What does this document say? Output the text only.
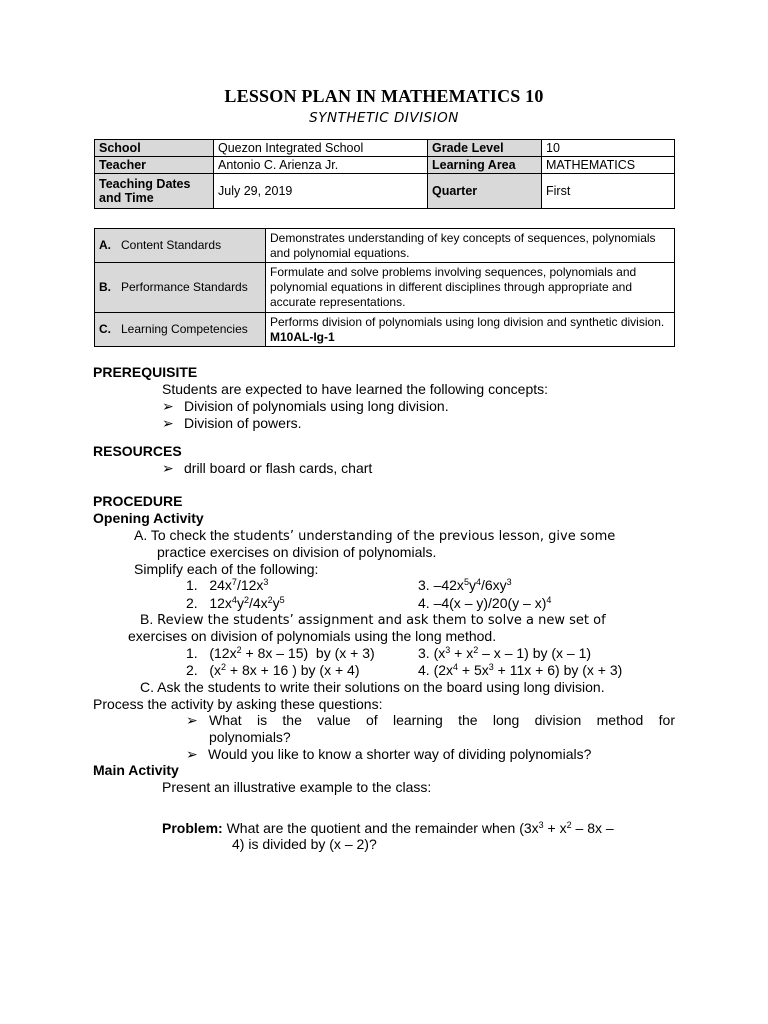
LESSON PLAN IN MATHEMATICS 10
SYNTHETIC DIVISION
School	Quezon Integrated School	Grade Level	10
Teacher	Antonio C. Arienza Jr.	Learning Area	MATHEMATICS
Teaching Dates
and Time	July 29, 2019	Quarter	First
A. Content Standards	Demonstrates understanding of key concepts of sequences, polynomials and polynomial equations.
B. Performance Standards	Formulate and solve problems involving sequences, polynomials and polynomial equations in different disciplines through appropriate and accurate representations.
C. Learning Competencies	Performs division of polynomials using long division and synthetic division. M10AL-Ig-1
PREREQUISITE
Students are expected to have learned the following concepts:
➢ Division of polynomials using long division.
➢ Division of powers.
RESOURCES
➢ drill board or flash cards, chart
PROCEDURE
Opening Activity
A. To check the students’ understanding of the previous lesson, give some
practice exercises on division of polynomials.
Simplify each of the following:
1.   $24x^7/12x^3$	3. $-42x^5y^4/6xy^3$
2.   $12x^4y^2/4x^2y^5$	4. –4(x – y)/20(y – x)$^4$
B. Review the students’ assignment and ask them to solve a new set of
exercises on division of polynomials using the long method.
1.   $(12x^2 + 8x - 15)$  by (x + 3)	3. $(x^3 + x^2 - x - 1)$ by (x – 1)
2.   ($x^2 + 8x + 16$ ) by (x + 4)	4. $(2x^4 + 5x^3 + 11x + 6)$ by (x + 3)
C. Ask the students to write their solutions on the board using long division.
Process the activity by asking these questions:
➢ What is the value of learning the long division method for
polynomials?
➢ Would you like to know a shorter way of dividing polynomials?
Main Activity
Present an illustrative example to the class:
Problem: What are the quotient and the remainder when ($3x^3 + x^2 - 8x$ –
4) is divided by (x – 2)?
